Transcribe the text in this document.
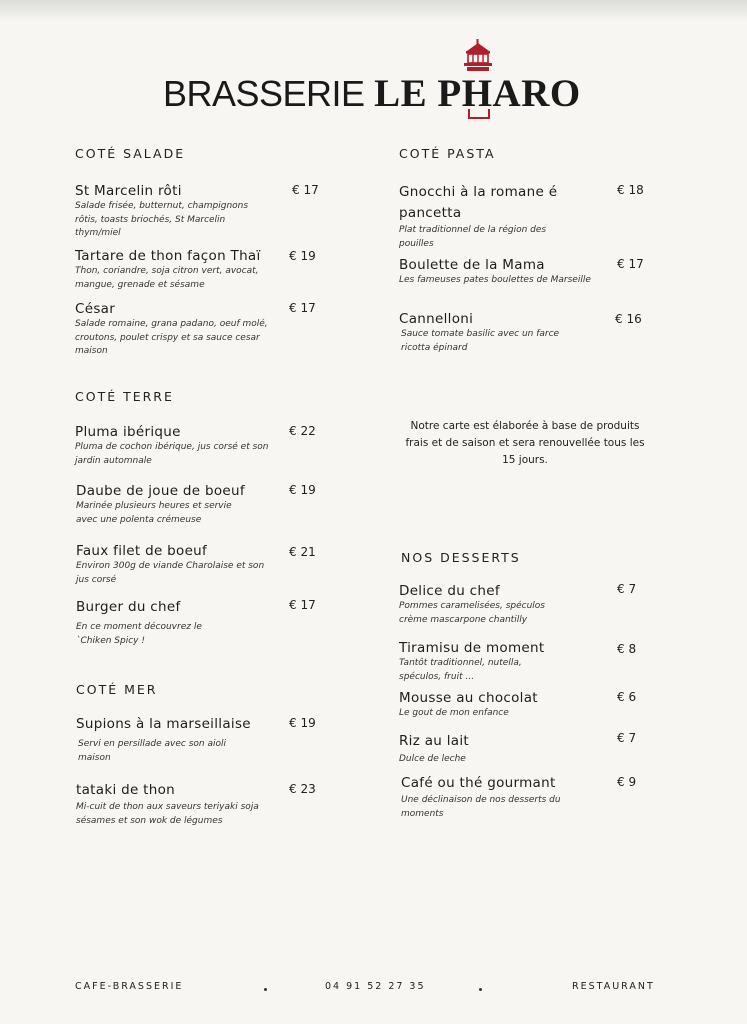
BRASSERIE LE PHARO
COTÉ SALADE
St Marcelin rôti
Salade frisée, butternut, champignons rôtis, toasts briochés, St Marcelin thym/miel
€ 17
Tartare de thon façon Thaï
Thon, coriandre, soja citron vert, avocat, mangue, grenade et sésame
€ 19
César
Salade romaine, grana padano, oeuf molé, croutons, poulet crispy et sa sauce cesar maison
€ 17
COTÉ TERRE
Pluma ibérique
Pluma de cochon ibérique, jus corsé et son jardin automnale
€ 22
Daube de joue de boeuf
Marinée plusieurs heures et servie avec une polenta crémeuse
€ 19
Faux filet de boeuf
Environ 300g de viande Charolaise et son jus corsé
€ 21
Burger du chef
En ce moment découvrez le `Chiken Spicy !
€ 17
COTÉ MER
Supions à la marseillaise
Servi en persillade avec son aioli maison
€ 19
tataki de thon
Mi-cuit de thon aux saveurs teriyaki soja sésames et son wok de légumes
€ 23
COTÉ PASTA
Gnocchi à la romane é pancetta
Plat traditionnel de la région des pouilles
€ 18
Boulette de la Mama
Les fameuses pates boulettes de Marseille
€ 17
Cannelloni
Sauce tomate basilic avec un farce ricotta épinard
€ 16
Notre carte est élaborée à base de produits frais et de saison et sera renouvellée tous les 15 jours.
NOS DESSERTS
Delice du chef
Pommes caramelisées, spéculos crème mascarpone chantilly
€ 7
Tiramisu de moment
Tantôt traditionnel, nutella, spéculos, fruit ...
€ 8
Mousse au chocolat
Le gout de mon enfance
€ 6
Riz au lait
Dulce de leche
€ 7
Café ou thé gourmant
Une déclinaison de nos desserts du moments
€ 9
CAFE-BRASSERIE	04 91 52 27 35	RESTAURANT
